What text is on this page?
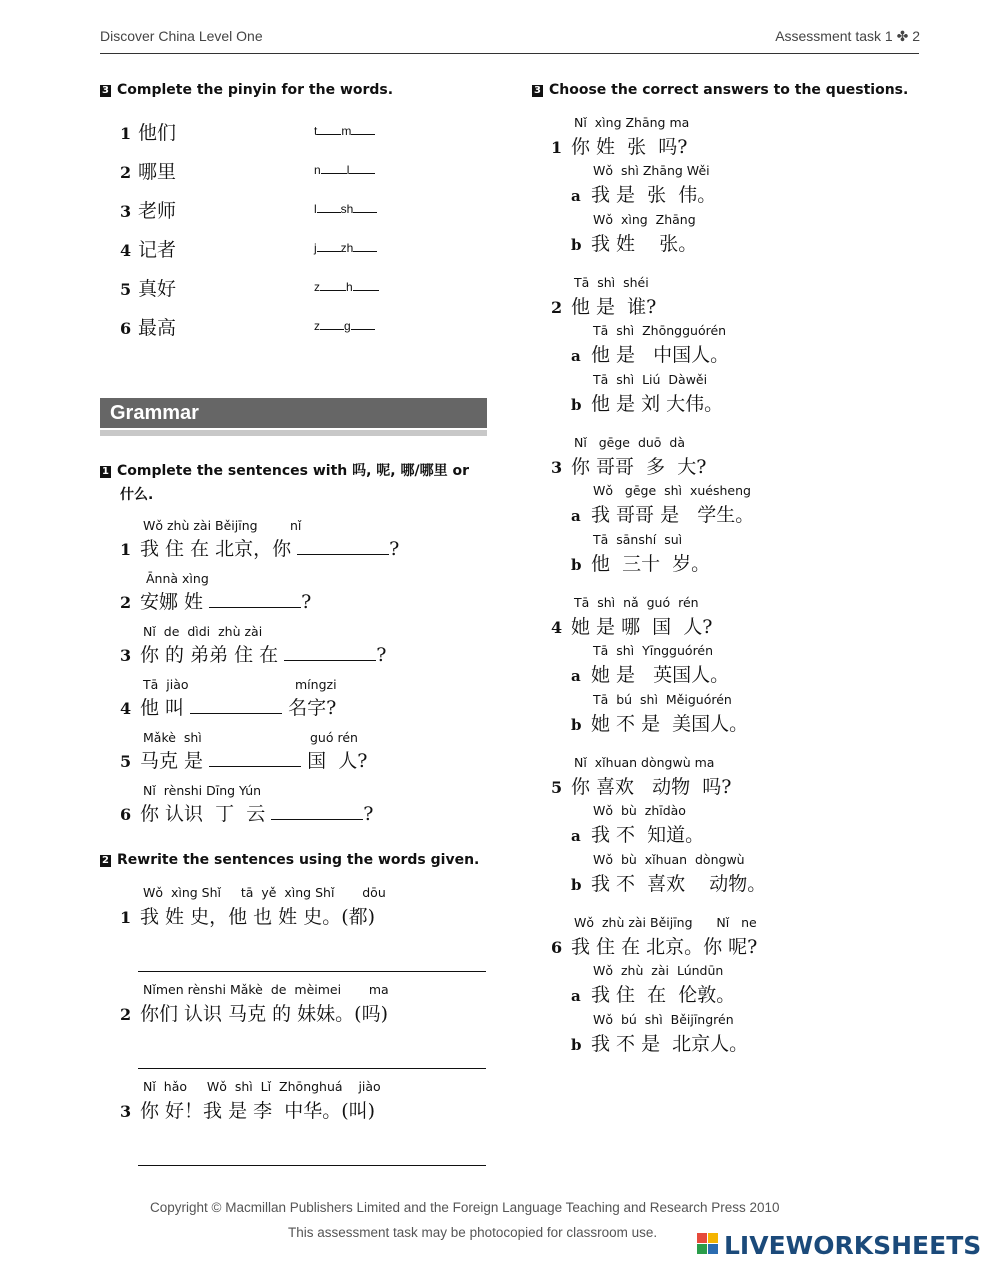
Discover China Level One	Assessment task 1 ✤ 2
3 Complete the pinyin for the words.
1 他们	t m
2 哪里	n l
3 老师	l sh
4 记者	j zh
5 真好	z h
6 最高	z g
Grammar
1 Complete the sentences with 吗, 呢, 哪/哪里 or
什么.
Wǒ zhù zài Běijīng	nǐ
1 我 住 在 北京，你	?
Ānnà xìng
2 安娜 姓	?
Nǐ  de  dìdi  zhù zài
3 你 的 弟弟 住 在	?
Tā  jiào	míngzi
4 他 叫	名字?
Mǎkè  shì	guó rén
5 马克 是	国  人?
Nǐ  rènshi Dīng Yún
6 你 认识  丁  云	?
2 Rewrite the sentences using the words given.
Wǒ  xìng Shǐ     tā  yě  xìng Shǐ       dōu
1 我 姓 史，他 也 姓 史。(都)
Nǐmen rènshi Mǎkè  de  mèimei       ma
2 你们 认识 马克 的 妹妹。(吗)
Nǐ  hǎo     Wǒ  shì  Lǐ  Zhōnghuá    jiào
3 你 好！我 是 李  中华。(叫)
3 Choose the correct answers to the questions.
Nǐ  xìng Zhāng ma
1 你 姓  张  吗?
Wǒ  shì Zhāng Wěi
a 我 是  张  伟。
Wǒ  xìng  Zhāng
b 我 姓    张。
Tā  shì  shéi
2 他 是  谁?
Tā  shì  Zhōngguórén
a 他 是   中国人。
Tā  shì  Liú  Dàwěi
b 他 是 刘 大伟。
Nǐ   gēge  duō  dà
3 你 哥哥  多  大?
Wǒ   gēge  shì  xuésheng
a 我 哥哥 是   学生。
Tā  sānshí  suì
b 他  三十  岁。
Tā  shì  nǎ  guó  rén
4 她 是 哪  国  人?
Tā  shì  Yīngguórén
a 她 是   英国人。
Tā  bú  shì  Měiguórén
b 她 不 是  美国人。
Nǐ  xǐhuan dòngwù ma
5 你 喜欢   动物  吗?
Wǒ  bù  zhīdào
a 我 不  知道。
Wǒ  bù  xǐhuan  dòngwù
b 我 不  喜欢    动物。
Wǒ  zhù zài Běijīng      Nǐ   ne
6 我 住 在 北京。你 呢?
Wǒ  zhù  zài  Lúndūn
a 我 住  在  伦敦。
Wǒ  bú  shì  Běijīngrén
b 我 不 是  北京人。
Copyright © Macmillan Publishers Limited and the Foreign Language Teaching and Research Press 2010
This assessment task may be photocopied for classroom use.	LIVEWORKSHEETS
